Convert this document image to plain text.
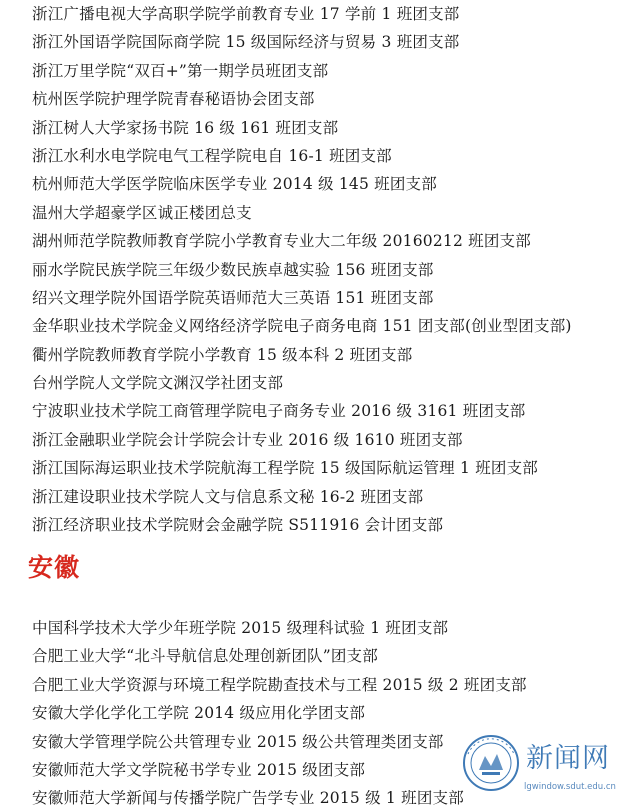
浙江广播电视大学高职学院学前教育专业 17 学前 1 班团支部
浙江外国语学院国际商学院 15 级国际经济与贸易 3 班团支部
浙江万里学院“双百+”第一期学员班团支部
杭州医学院护理学院青春秘语协会团支部
浙江树人大学家扬书院 16 级 161 班团支部
浙江水利水电学院电气工程学院电自 16-1 班团支部
杭州师范大学医学院临床医学专业 2014 级 145 班团支部
温州大学超豪学区诚正楼团总支
湖州师范学院教师教育学院小学教育专业大二年级 20160212 班团支部
丽水学院民族学院三年级少数民族卓越实验 156 班团支部
绍兴文理学院外国语学院英语师范大三英语 151 班团支部
金华职业技术学院金义网络经济学院电子商务电商 151 团支部(创业型团支部)
衢州学院教师教育学院小学教育 15 级本科 2 班团支部
台州学院人文学院文渊汉学社团支部
宁波职业技术学院工商管理学院电子商务专业 2016 级 3161 班团支部
浙江金融职业学院会计学院会计专业 2016 级 1610 班团支部
浙江国际海运职业技术学院航海工程学院 15 级国际航运管理 1 班团支部
浙江建设职业技术学院人文与信息系文秘 16-2 班团支部
浙江经济职业技术学院财会金融学院 S511916 会计团支部
安徽
中国科学技术大学少年班学院 2015 级理科试验 1 班团支部
合肥工业大学“北斗导航信息处理创新团队”团支部
合肥工业大学资源与环境工程学院勘查技术与工程 2015 级 2 班团支部
安徽大学化学化工学院 2014 级应用化学团支部
安徽大学管理学院公共管理专业 2015 级公共管理类团支部
安徽师范大学文学院秘书学专业 2015 级团支部
安徽师范大学新闻与传播学院广告学专业 2015 级 1 班团支部
新闻网
lgwindow.sdut.edu.cn
